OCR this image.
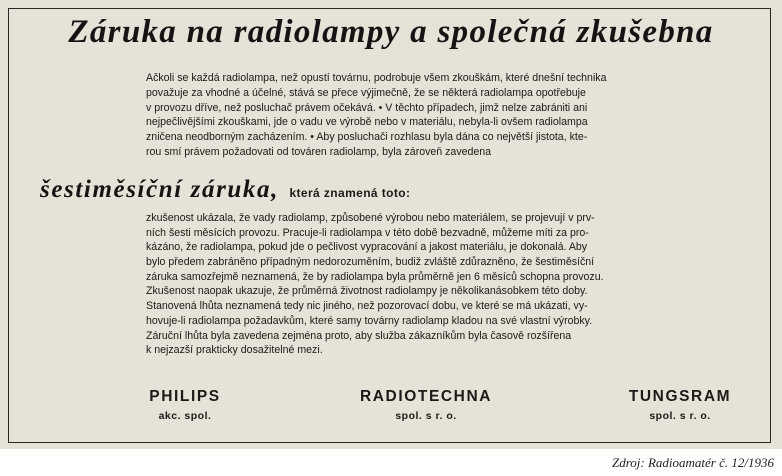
Záruka na radiolampy a společná zkušebna
Ačkoli se každá radiolampa, než opustí továrnu, podrobuje všem zkouškám, které dnešní technika
považuje za vhodné a účelné, stává se přece výjimečně, že se některá radiolampa opotřebuje
v provozu dříve, než posluchač právem očekává. • V těchto případech, jimž nelze zabrániti ani
nejpečlivějšími zkouškami, jde o vadu ve výrobě nebo v materiálu, nebyla-li ovšem radiolampa
zničena neodborným zacházením. • Aby posluchači rozhlasu byla dána co největší jistota, kte-
rou smí právem požadovati od továren radiolamp, byla zároveň zavedena
šestiměsíční záruka, která znamená toto:
zkušenost ukázala, že vady radiolamp, způsobené výrobou nebo materiálem, se projevují v prv-
ních šesti měsících provozu. Pracuje-li radiolampa v této době bezvadně, můžeme míti za pro-
kázáno, že radiolampa, pokud jde o pečlivost vypracování a jakost materiálu, je dokonalá. Aby
bylo předem zabráněno případným nedorozuměním, budiž zvláště zdůrazněno, že šestiměsíční
záruka samozřejmě neznamená, že by radiolampa byla průměrně jen 6 měsíců schopna provozu.
Zkušenost naopak ukazuje, že průměrná životnost radiolampy je několikanásobkem této doby.
Stanovená lhůta neznamená tedy nic jiného, než pozorovací dobu, ve které se má ukázati, vy-
hovuje-li radiolampa požadavkům, které samy továrny radiolamp kladou na své vlastní výrobky.
Záruční lhůta byla zavedena zejména proto, aby služba zákazníkům byla časově rozšířena
k nejzazší prakticky dosažitelné mezi.
PHILIPS
akc. spol.
RADIOTECHNA
spol. s r. o.
TUNGSRAM
spol. s r. o.
Zdroj: Radioamatér č. 12/1936
